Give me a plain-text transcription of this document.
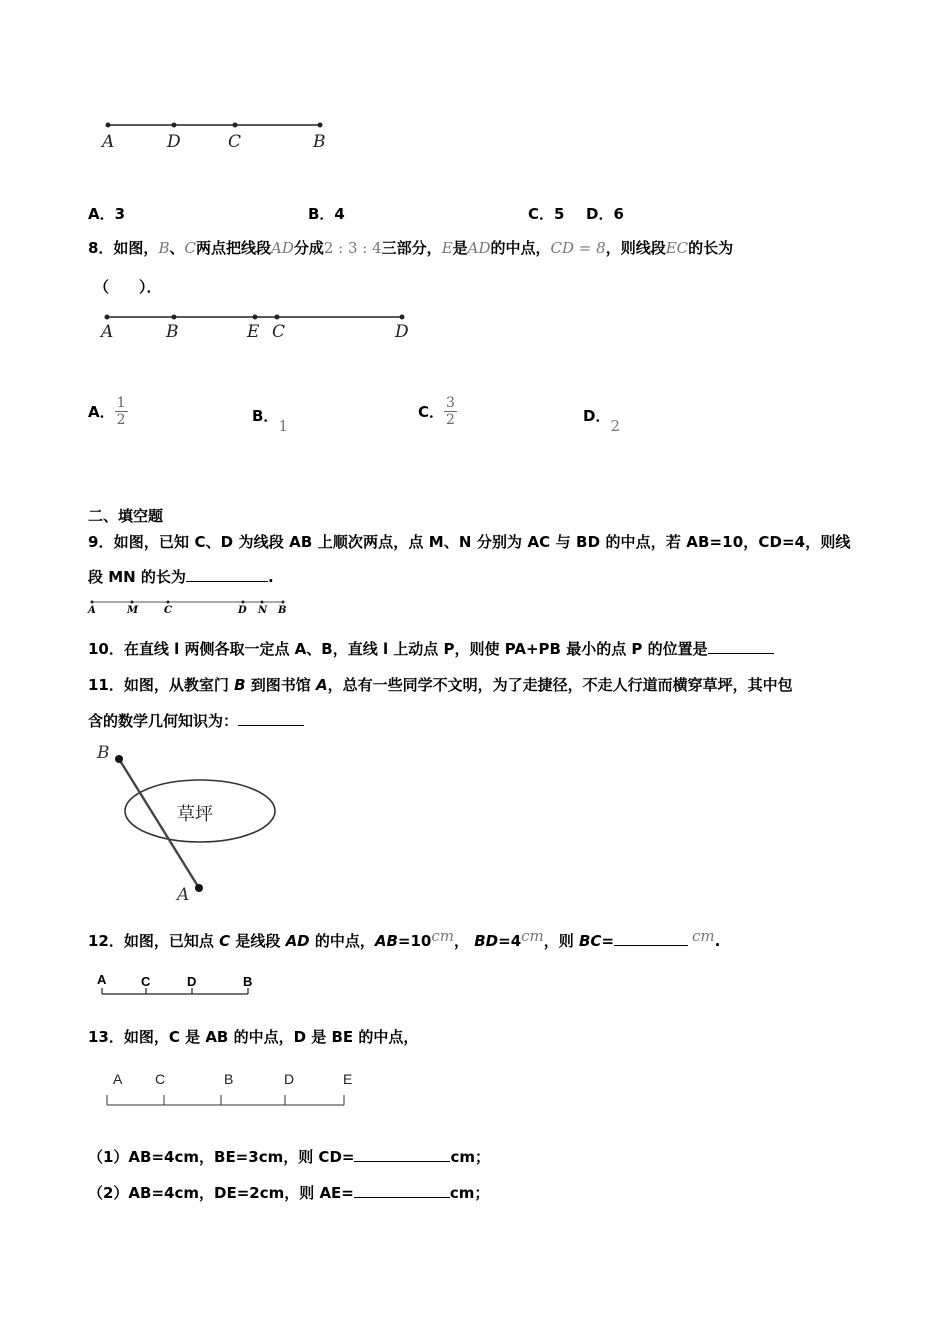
A	D	C	B
A．3	B．4	C．5 D．6
8．如图，B、C两点把线段AD分成2 : 3 : 4三部分，E是AD的中点，CD = 8，则线段EC的长为
（　　）．
A	B	E C	D
A． $\frac{1}{2}$	B．1
C． $\frac{3}{2}$	D．2
二、填空题
9．如图，已知 C、D 为线段 AB 上顺次两点，点 M、N 分别为 AC 与 BD 的中点，若 AB=10，CD=4，则线
段 MN 的长为	.
A	M	C	D N B
10．在直线 l 两侧各取一定点 A、B，直线 l 上动点 P，则使 PA+PB 最小的点 P 的位置是
11．如图，从教室门 B 到图书馆 A，总有一些同学不文明，为了走捷径，不走人行道而横穿草坪，其中包
含的数学几何知识为：
B
A
草坪
12．如图，已知点 C 是线段 AD 的中点，AB=10cm， BD=4cm，则 BC=	cm.
A	C	D	B
13．如图，C 是 AB 的中点，D 是 BE 的中点，
A C	B	D	E
（1）AB=4cm，BE=3cm，则 CD=	cm；
（2）AB=4cm，DE=2cm，则 AE=	cm；
